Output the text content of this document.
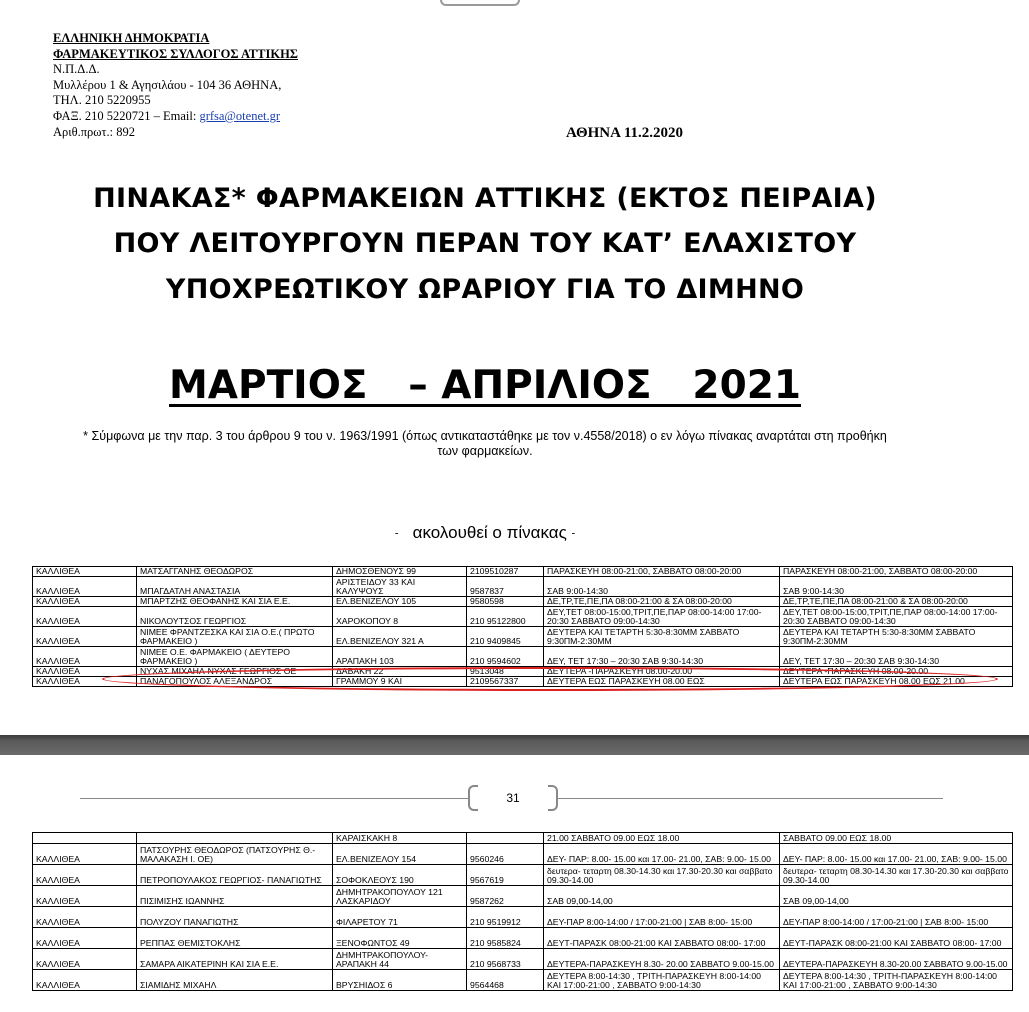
ΕΛΛΗΝΙΚΗ ΔΗΜΟΚΡΑΤΙΑ
ΦΑΡΜΑΚΕΥΤΙΚΟΣ ΣΥΛΛΟΓΟΣ ΑΤΤΙΚΗΣ
Ν.Π.Δ.Δ.
Μυλλέρου 1 & Αγησιλάου - 104 36 ΑΘΗΝΑ,
ΤΗΛ. 210 5220955
ΦΑΞ. 210 5220721 – Email: grfsa@otenet.gr
Αριθ.πρωτ.: 892	ΑΘΗΝΑ 11.2.2020
ΠΙΝΑΚΑΣ* ΦΑΡΜΑΚΕΙΩΝ ΑΤΤΙΚΗΣ (ΕΚΤΟΣ ΠΕΙΡΑΙΑ)
ΠΟΥ ΛΕΙΤΟΥΡΓΟΥΝ ΠΕΡΑΝ ΤΟΥ ΚΑΤ’ ΕΛΑΧΙΣΤΟΥ
ΥΠΟΧΡΕΩΤΙΚΟΥ ΩΡΑΡΙΟΥ ΓΙΑ ΤΟ ΔΙΜΗΝΟ
ΜΑΡΤΙΟΣ   – ΑΠΡΙΛΙΟΣ   2021
* Σύμφωνα με την παρ. 3 του άρθρου 9 του ν. 1963/1991 (όπως αντικαταστάθηκε με τον ν.4558/2018) ο εν λόγω πίνακας αναρτάται στη προθήκη των φαρμακείων.
- ακολουθεί ο πίνακας -
ΚΑΛΛΙΘΕΑ	ΜΑΤΣΑΓΓΑΝΗΣ ΘΕΟΔΩΡΟΣ	ΔΗΜΟΣΘΕΝΟΥΣ 99	2109510287	ΠΑΡΑΣΚΕΥΗ 08:00-21:00, ΣΑΒΒΑΤΟ 08:00-20:00	ΠΑΡΑΣΚΕΥΗ 08:00-21:00, ΣΑΒΒΑΤΟ 08:00-20:00
ΚΑΛΛΙΘΕΑ	ΜΠΑΓΔΑΤΛΗ ΑΝΑΣΤΑΣΙΑ	ΑΡΙΣΤΕΙΔΟΥ 33 ΚΑΙ ΚΑΛΥΨΟΥΣ	9587837	ΣΑΒ 9:00-14:30	ΣΑΒ 9:00-14:30
ΚΑΛΛΙΘΕΑ	ΜΠΑΡΤΖΗΣ ΘΕΟΦΑΝΗΣ ΚΑΙ ΣΙΑ Ε.Ε.	ΕΛ.ΒΕΝΙΖΕΛΟΥ 105	9580598	ΔΕ,ΤΡ,ΤΕ,ΠΕ,ΠΑ 08:00-21:00 & ΣΑ 08:00-20:00	ΔΕ,ΤΡ,ΤΕ,ΠΕ,ΠΑ 08:00-21:00 & ΣΑ 08:00-20:00
ΚΑΛΛΙΘΕΑ	ΝΙΚΟΛΟΥΤΣΟΣ ΓΕΩΡΓΙΟΣ	ΧΑΡΟΚΟΠΟΥ 8	210 95122800	ΔΕΥ,ΤΕΤ 08:00-15:00,ΤΡΙΤ,ΠΕ,ΠΑΡ 08:00-14:00 17:00-20:30 ΣΑΒΒΑΤΟ 09:00-14:30	ΔΕΥ,ΤΕΤ 08:00-15:00,ΤΡΙΤ,ΠΕ,ΠΑΡ 08:00-14:00 17:00-20:30 ΣΑΒΒΑΤΟ 09:00-14:30
ΚΑΛΛΙΘΕΑ	ΝΙΜΕΕ ΦΡΑΝΤΖΕΣΚΑ ΚΑΙ ΣΙΑ Ο.Ε.( ΠΡΩΤΟ ΦΑΡΜΑΚΕΙΟ )	ΕΛ.ΒΕΝΙΖΕΛΟΥ 321 Α	210 9409845	ΔΕΥΤΕΡΑ ΚΑΙ ΤΕΤΑΡΤΗ 5:30-8:30ΜΜ ΣΑΒΒΑΤΟ 9:30ΠΜ-2:30ΜΜ	ΔΕΥΤΕΡΑ ΚΑΙ ΤΕΤΑΡΤΗ 5:30-8:30ΜΜ ΣΑΒΒΑΤΟ 9:30ΠΜ-2:30ΜΜ
ΚΑΛΛΙΘΕΑ	ΝΙΜΕΕ Ο.Ε. ΦΑΡΜΑΚΕΙΟ ( ΔΕΥΤΕΡΟ ΦΑΡΜΑΚΕΙΟ )	ΑΡΑΠΑΚΗ 103	210 9594602	ΔΕΥ, ΤΕΤ 17:30 – 20:30 ΣΑΒ 9:30-14:30	ΔΕΥ, ΤΕΤ 17:30 – 20:30 ΣΑΒ 9:30-14:30
ΚΑΛΛΙΘΕΑ	ΝΥΧΑΣ ΜΙΧΑΗΛ-ΝΥΧΑΣ ΓΕΩΡΓΙΟΣ ΟΕ	ΔΑΒΑΚΗ 22	9513048	ΔΕΥΤΕΡΑ -ΠΑΡΑΣΚΕΥΗ 08.00-20.00	ΔΕΥΤΕΡΑ -ΠΑΡΑΣΚΕΥΗ 08.00-20.00
ΚΑΛΛΙΘΕΑ	ΠΑΝΑΓΟΠΟΥΛΟΣ ΑΛΕΞΑΝΔΡΟΣ	ΓΡΑΜΜΟΥ 9 ΚΑΙ	2109567337	ΔΕΥΤΕΡΑ ΕΩΣ ΠΑΡΑΣΚΕΥΗ 08.00 ΕΩΣ	ΔΕΥΤΕΡΑ ΕΩΣ ΠΑΡΑΣΚΕΥΗ 08.00 ΕΩΣ 21.00
31
		ΚΑΡΑΙΣΚΑΚΗ 8		21.00 ΣΑΒΒΑΤΟ 09.00 ΕΩΣ 18.00	ΣΑΒΒΑΤΟ 09.00 ΕΩΣ 18.00
ΚΑΛΛΙΘΕΑ	ΠΑΤΣΟΥΡΗΣ ΘΕΟΔΩΡΟΣ (ΠΑΤΣΟΥΡΗΣ Θ.-ΜΑΛΑΚΑΣΗ Ι. ΟΕ)	ΕΛ.ΒΕΝΙΖΕΛΟΥ 154	9560246	ΔΕΥ- ΠΑΡ: 8.00- 15.00 και 17.00- 21.00, ΣΑΒ: 9.00- 15.00	ΔΕΥ- ΠΑΡ: 8.00- 15.00 και 17.00- 21.00, ΣΑΒ: 9.00- 15.00
ΚΑΛΛΙΘΕΑ	ΠΕΤΡΟΠΟΥΛΑΚΟΣ ΓΕΩΡΓΙΟΣ- ΠΑΝΑΓΙΩΤΗΣ	ΣΟΦΟΚΛΕΟΥΣ 190	9567619	δευτερα- τεταρτη 08.30-14.30 και 17.30-20.30 και σαββατο 09.30-14.00	δευτερα- τεταρτη 08.30-14.30 και 17.30-20.30 και σαββατο 09.30-14.00
ΚΑΛΛΙΘΕΑ	ΠΙΣΙΜΙΣΗΣ ΙΩΑΝΝΗΣ	ΔΗΜΗΤΡΑΚΟΠΟΥΛΟΥ 121 ΛΑΣΚΑΡΙΔΟΥ	9587262	ΣΑΒ 09,00-14,00	ΣΑΒ 09,00-14,00
ΚΑΛΛΙΘΕΑ	ΠΟΛΥΖΟΥ ΠΑΝΑΓΙΩΤΗΣ	ΦΙΛΑΡΕΤΟΥ 71	210 9519912	ΔΕΥ-ΠΑΡ 8:00-14:00 / 17:00-21:00 | ΣΑΒ 8:00- 15:00	ΔΕΥ-ΠΑΡ 8:00-14:00 / 17:00-21:00 | ΣΑΒ 8:00- 15:00
ΚΑΛΛΙΘΕΑ	ΡΕΠΠΑΣ ΘΕΜΙΣΤΟΚΛΗΣ	ΞΕΝΟΦΩΝΤΟΣ 49	210 9585824	ΔΕΥΤ-ΠΑΡΑΣΚ 08:00-21:00 ΚΑΙ ΣΑΒΒΑΤΟ 08:00- 17:00	ΔΕΥΤ-ΠΑΡΑΣΚ 08:00-21:00 ΚΑΙ ΣΑΒΒΑΤΟ 08:00- 17:00
ΚΑΛΛΙΘΕΑ	ΣΑΜΑΡΑ ΑΙΚΑΤΕΡΙΝΗ ΚΑΙ ΣΙΑ Ε.Ε.	ΔΗΜΗΤΡΑΚΟΠΟΥΛΟΥ- ΑΡΑΠΑΚΗ 44	210 9568733	ΔΕΥΤΕΡΑ-ΠΑΡΑΣΚΕΥΗ 8.30- 20.00 ΣΑΒΒΑΤΟ 9.00-15.00	ΔΕΥΤΕΡΑ-ΠΑΡΑΣΚΕΥΗ 8.30-20.00 ΣΑΒΒΑΤΟ 9.00-15.00
ΚΑΛΛΙΘΕΑ	ΣΙΑΜΙΔΗΣ ΜΙΧΑΗΛ	ΒΡΥΣΗΙΔΟΣ 6	9564468	ΔΕΥΤΕΡΑ 8:00-14:30 , ΤΡΙΤΗ-ΠΑΡΑΣΚΕΥΗ 8:00-14:00 ΚΑΙ 17:00-21:00 , ΣΑΒΒΑΤΟ 9:00-14:30	ΔΕΥΤΕΡΑ 8:00-14:30 , ΤΡΙΤΗ-ΠΑΡΑΣΚΕΥΗ 8:00-14:00 ΚΑΙ 17:00-21:00 , ΣΑΒΒΑΤΟ 9:00-14:30
